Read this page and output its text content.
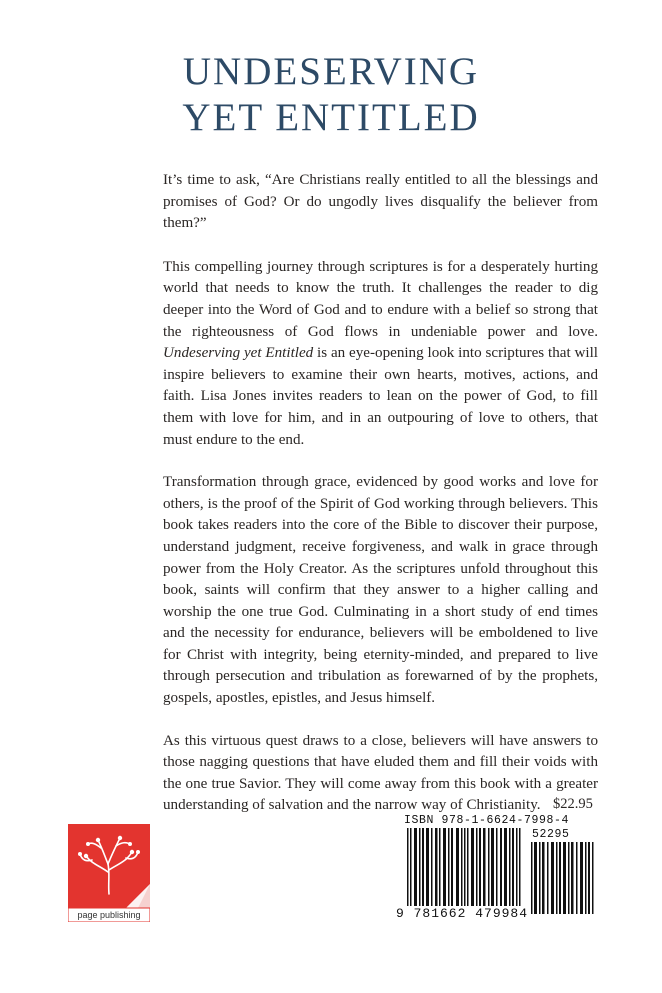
UNDESERVING
YET ENTITLED

It’s time to ask, “Are Christians really entitled to all the blessings and promises of God? Or do ungodly lives disqualify the believer from them?”

This compelling journey through scriptures is for a desperately hurting world that needs to know the truth. It challenges the reader to dig deeper into the Word of God and to endure with a belief so strong that the righteousness of God flows in undeniable power and love. Undeserving yet Entitled is an eye-opening look into scriptures that will inspire believers to examine their own hearts, motives, actions, and faith. Lisa Jones invites readers to lean on the power of God, to fill them with love for him, and in an outpouring of love to others, that must endure to the end.

Transformation through grace, evidenced by good works and love for others, is the proof of the Spirit of God working through believers. This book takes readers into the core of the Bible to discover their purpose, understand judgment, receive forgiveness, and walk in grace through power from the Holy Creator. As the scriptures unfold throughout this book, saints will confirm that they answer to a higher calling and worship the one true God. Culminating in a short study of end times and the necessity for endurance, believers will be emboldened to live for Christ with integrity, being eternity-minded, and prepared to live through persecution and tribulation as forewarned of by the prophets, gospels, apostles, epistles, and Jesus himself.

As this virtuous quest draws to a close, believers will have answers to those nagging questions that have eluded them and fill their voids with the one true Savior. They will come away from this book with a greater understanding of salvation and the narrow way of Christianity. $22.95
ISBN 978-1-6624-7998-4
52295
9 781662 479984
page publishing
